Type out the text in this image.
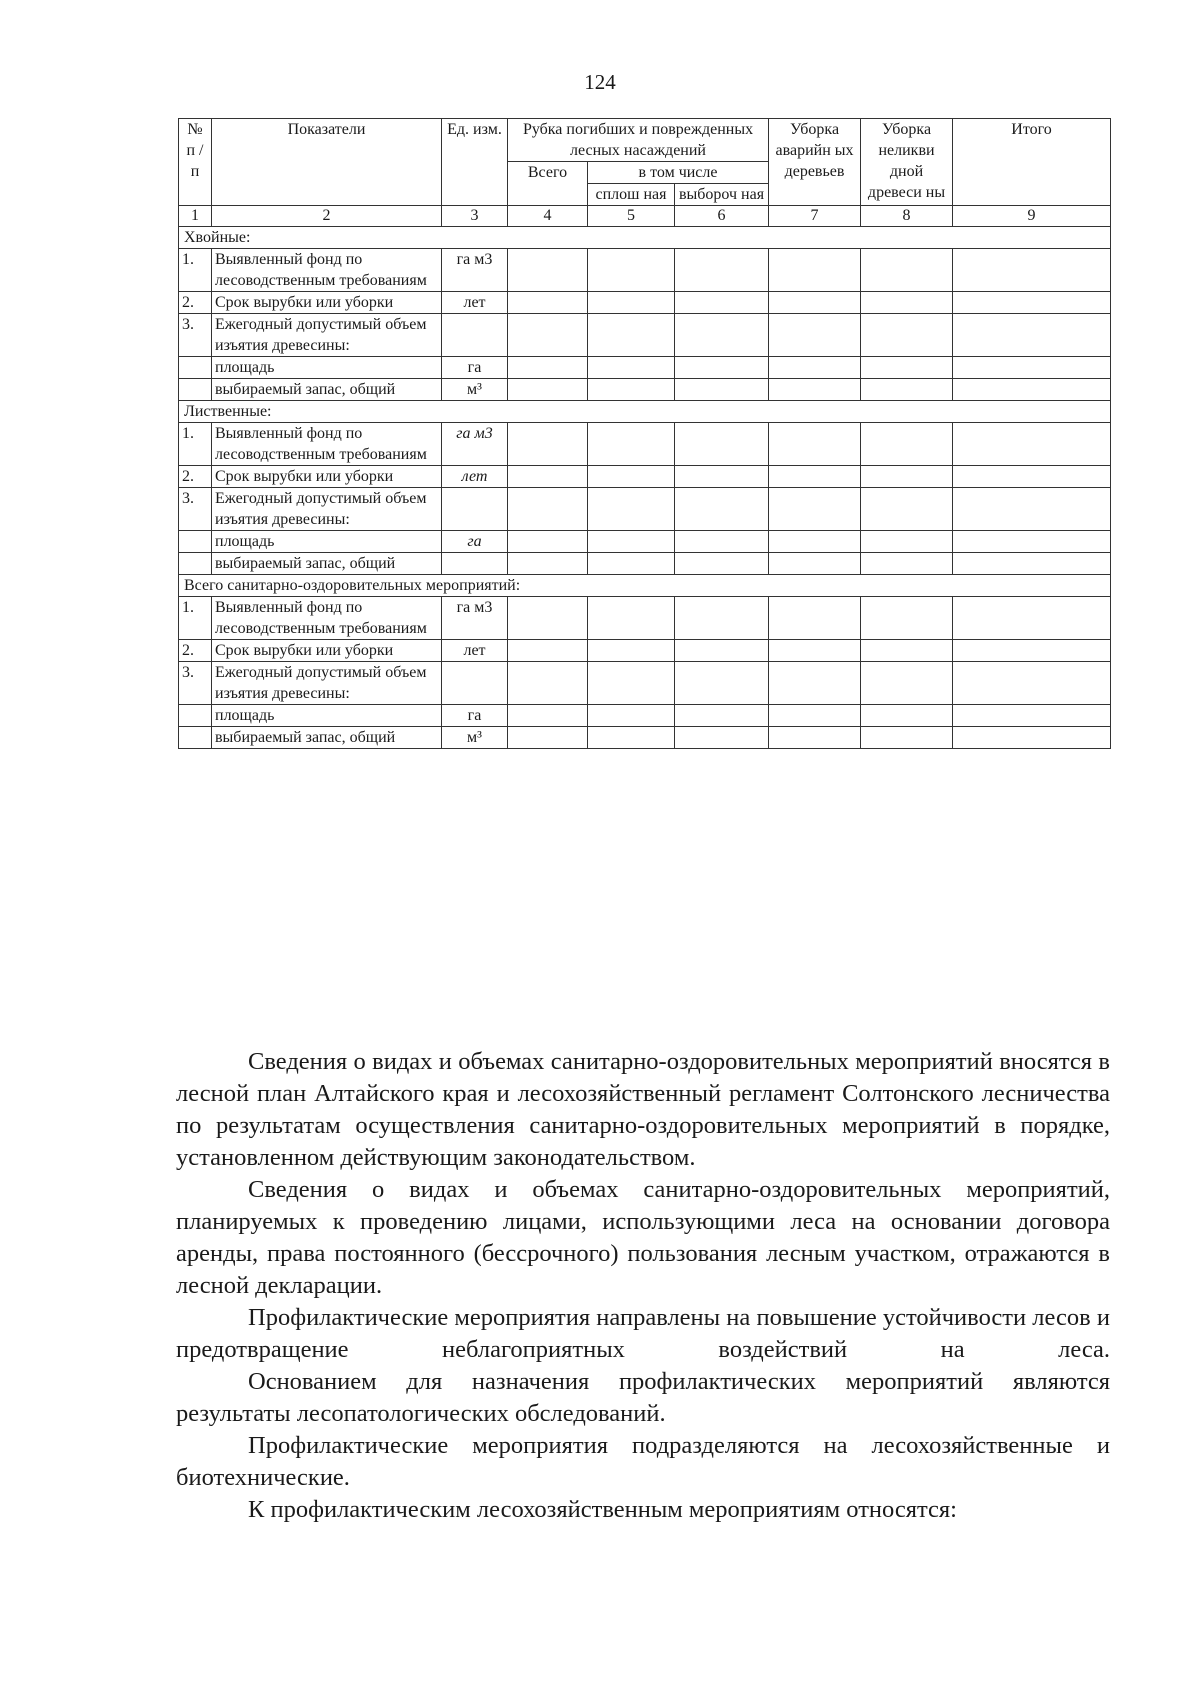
124
№ п / п	Показатели	Ед. изм.	Рубка погибших и поврежденных лесных насаждений			Уборка аварийн ых деревьев	Уборка неликви дной древеси ны	Итого
			Всего	в том числе				
				сплош ная	выбороч ная			
1	2	3	4	5	6	7	8	9
Хвойные:								
1.	Выявленный фонд по лесоводственным требованиям	га м3						
2.	Срок вырубки или уборки	лет						
3.	Ежегодный допустимый объем изъятия древесины:							
	площадь	га						
	выбираемый запас, общий	м³						
Лиственные:								
1.	Выявленный фонд по лесоводственным требованиям	га м3						
2.	Срок вырубки или уборки	лет						
3.	Ежегодный допустимый объем изъятия древесины:							
	площадь	га						
	выбираемый запас, общий							
Всего санитарно-оздоровительных мероприятий:								
1.	Выявленный фонд по лесоводственным требованиям	га м3						
2.	Срок вырубки или уборки	лет						
3.	Ежегодный допустимый объем изъятия древесины:							
	площадь	га						
	выбираемый запас, общий	м³						

Сведения о видах и объемах санитарно-оздоровительных мероприятий вносятся в лесной план Алтайского края и лесохозяйственный регламент Солтонского лесничества по результатам осуществления санитарно-оздоровительных мероприятий в порядке, установленном действующим законодательством.

Сведения о видах и объемах санитарно-оздоровительных мероприятий, планируемых к проведению лицами, использующими леса на основании договора аренды, права постоянного (бессрочного) пользования лесным участком, отражаются в лесной декларации.

Профилактические мероприятия направлены на повышение устойчивости лесов и предотвращение неблагоприятных воздействий на леса.

Основанием для назначения профилактических мероприятий являются результаты лесопатологических обследований.

Профилактические мероприятия подразделяются на лесохозяйственные и биотехнические.

К профилактическим лесохозяйственным мероприятиям относятся:
